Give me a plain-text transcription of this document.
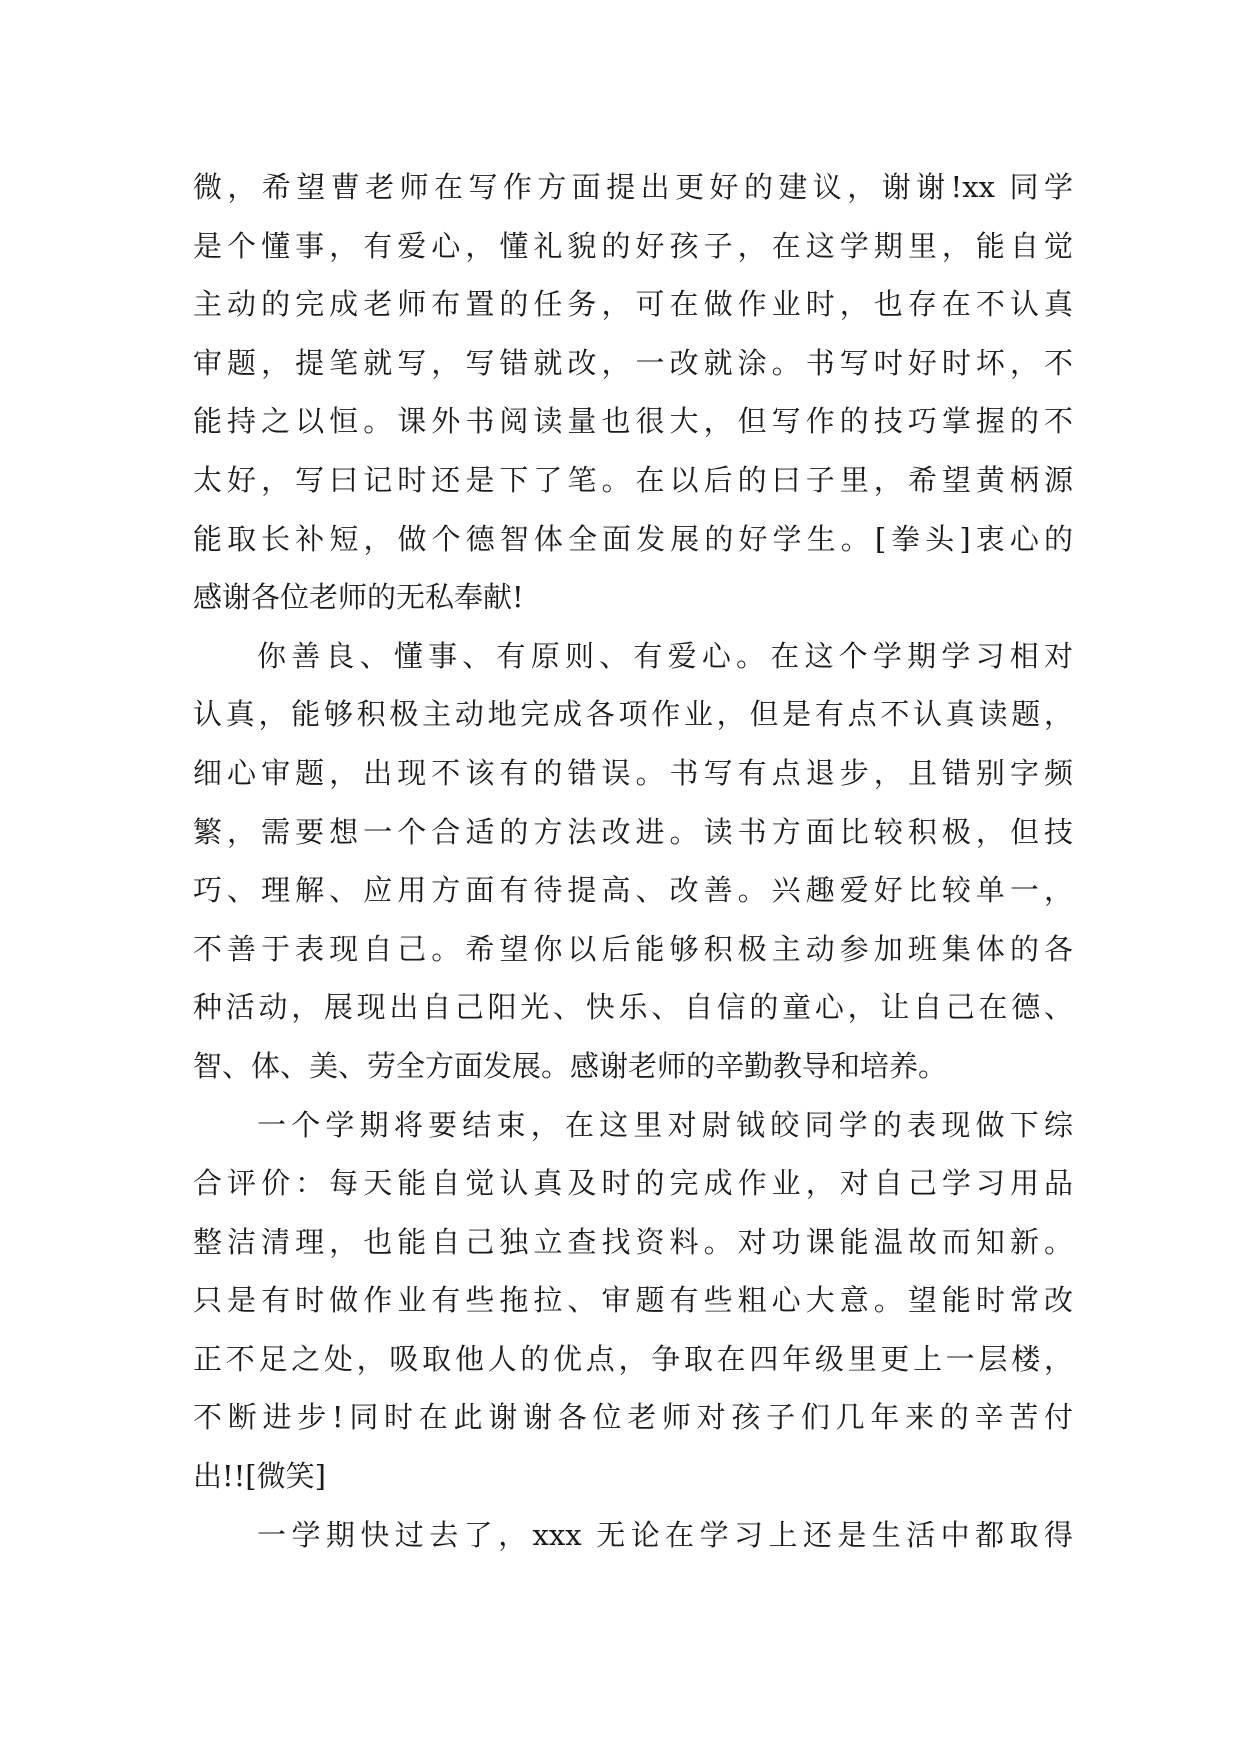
微，希望曹老师在写作方面提出更好的建议，谢谢!xx 同学
是个懂事，有爱心，懂礼貌的好孩子，在这学期里，能自觉
主动的完成老师布置的任务，可在做作业时，也存在不认真
审题，提笔就写，写错就改，一改就涂。书写吋好时坏，不
能持之以恒。课外书阅读量也很大，但写作的技巧掌握的不
太好，写曰记时还是下了笔。在以后的曰子里，希望黄柄源
能取长补短，做个德智体全面发展的好学生。[拳头]衷心的
感谢各位老师的无私奉献!
你善良、懂事、有原则、有爱心。在这个学期学习相对
认真，能够积极主动地完成各项作业，但是有点不认真读题，
细心审题，出现不该有的错误。书写有点退步，且错别字频
繁，需要想一个合适的方法改进。读书方面比较积极，但技
巧、理解、应用方面有待提高、改善。兴趣爱好比较单一，
不善于表现自己。希望你以后能够积极主动参加班集体的各
种活动，展现出自己阳光、快乐、自信的童心，让自己在德、
智、体、美、劳全方面发展。感谢老师的辛勤教导和培养。
一个学期将要结束，在这里对尉钺皎同学的表现做下综
合评价：每天能自觉认真及时的完成作业，对自己学习用品
整洁清理，也能自己独立查找资料。对功课能温故而知新。
只是有时做作业有些拖拉、审题有些粗心大意。望能时常改
正不足之处，吸取他人的优点，争取在四年级里更上一层楼，
不断进步!同时在此谢谢各位老师对孩子们几年来的辛苦付
出!![微笑]
一学期快过去了，xxx 无论在学习上还是生活中都取得
